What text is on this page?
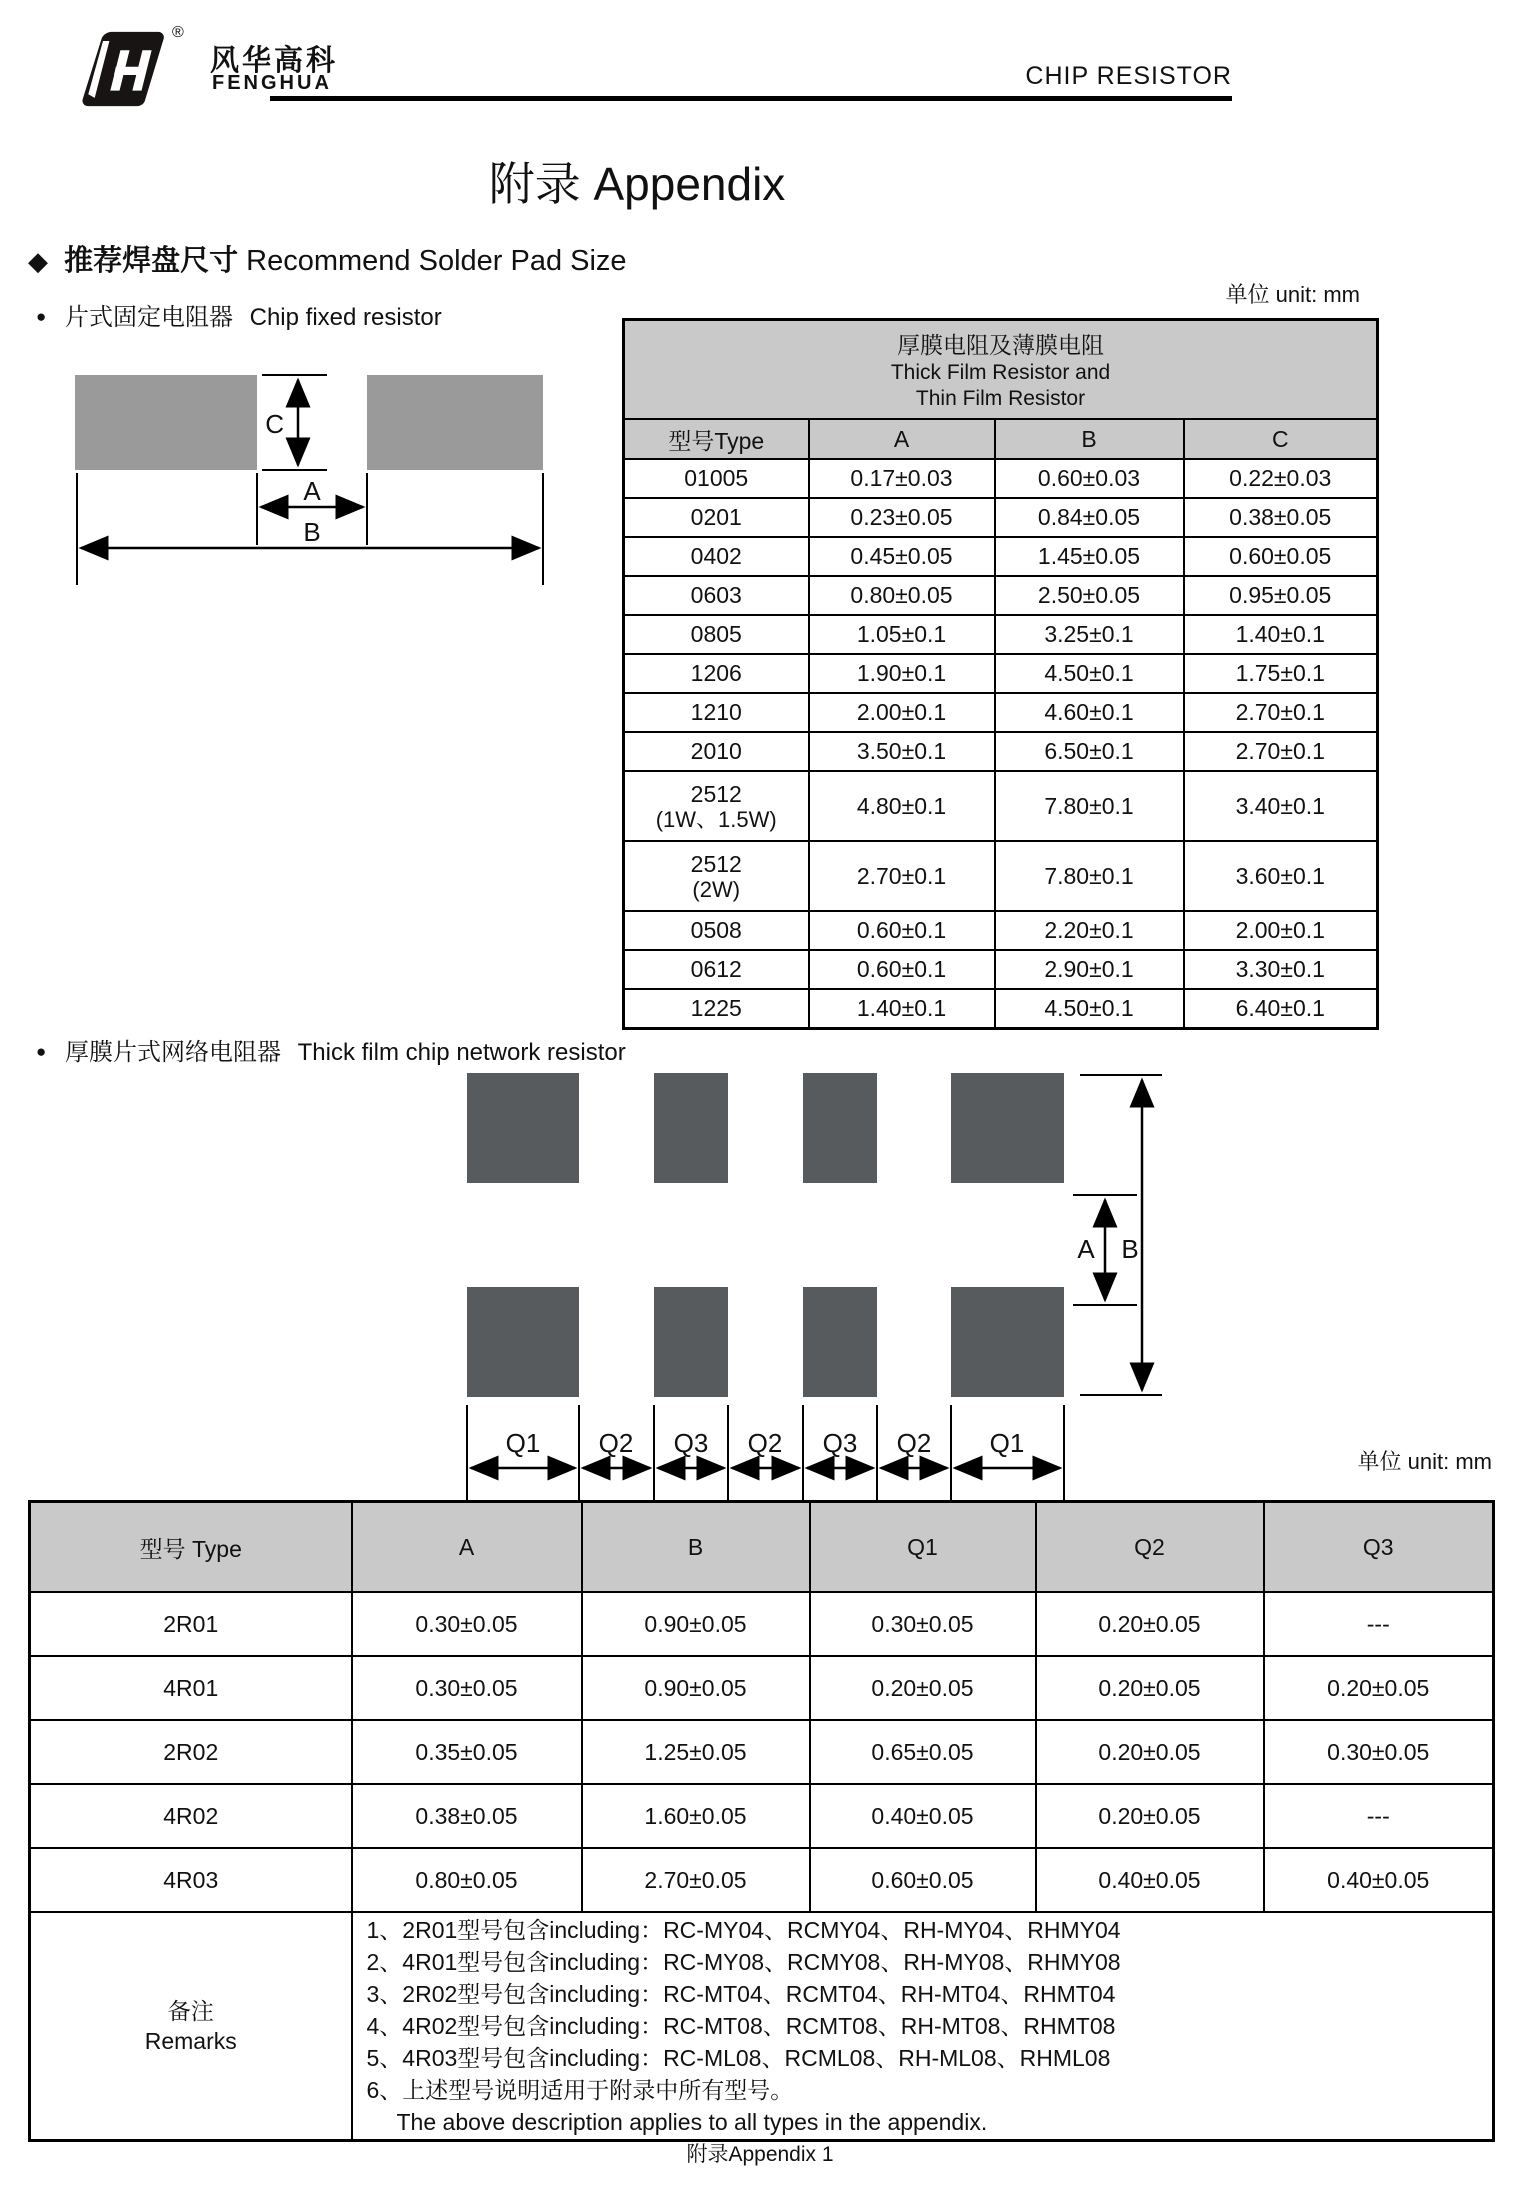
®
风华高科
FENGHUA	CHIP RESISTOR
附录 Appendix
◆ 推荐焊盘尺寸 Recommend Solder Pad Size
单位 unit: mm
● 片式固定电阻器 Chip fixed resistor
C
A
B
厚膜电阻及薄膜电阻
Thick Film Resistor and
Thin Film Resistor			

型号Type	A	B	C
01005	0.17±0.03	0.60±0.03	0.22±0.03
0201	0.23±0.05	0.84±0.05	0.38±0.05
0402	0.45±0.05	1.45±0.05	0.60±0.05
0603	0.80±0.05	2.50±0.05	0.95±0.05
0805	1.05±0.1	3.25±0.1	1.40±0.1
1206	1.90±0.1	4.50±0.1	1.75±0.1
1210	2.00±0.1	4.60±0.1	2.70±0.1
2010	3.50±0.1	6.50±0.1	2.70±0.1
2512
(1W、1.5W)	4.80±0.1	7.80±0.1	3.40±0.1
2512
(2W)	2.70±0.1	7.80±0.1	3.60±0.1
0508	0.60±0.1	2.20±0.1	2.00±0.1
0612	0.60±0.1	2.90±0.1	3.30±0.1
1225	1.40±0.1	4.50±0.1	6.40±0.1
● 厚膜片式网络电阻器 Thick film chip network resistor
A B
Q1 Q2 Q3 Q2 Q3 Q2 Q1
单位 unit: mm
型号 Type	A	B	Q1	Q2	Q3
2R01	0.30±0.05	0.90±0.05	0.30±0.05	0.20±0.05	---
4R01	0.30±0.05	0.90±0.05	0.20±0.05	0.20±0.05	0.20±0.05
2R02	0.35±0.05	1.25±0.05	0.65±0.05	0.20±0.05	0.30±0.05
4R02	0.38±0.05	1.60±0.05	0.40±0.05	0.20±0.05	---
4R03	0.80±0.05	2.70±0.05	0.60±0.05	0.40±0.05	0.40±0.05

备注
Remarks

1、2R01型号包含including：RC-MY04、RCMY04、RH-MY04、RHMY04
2、4R01型号包含including：RC-MY08、RCMY08、RH-MY08、RHMY08
3、2R02型号包含including：RC-MT04、RCMT04、RH-MT04、RHMT04
4、4R02型号包含including：RC-MT08、RCMT08、RH-MT08、RHMT08
5、4R03型号包含including：RC-ML08、RCML08、RH-ML08、RHML08
6、上述型号说明适用于附录中所有型号。
The above description applies to all types in the appendix.
附录Appendix 1
